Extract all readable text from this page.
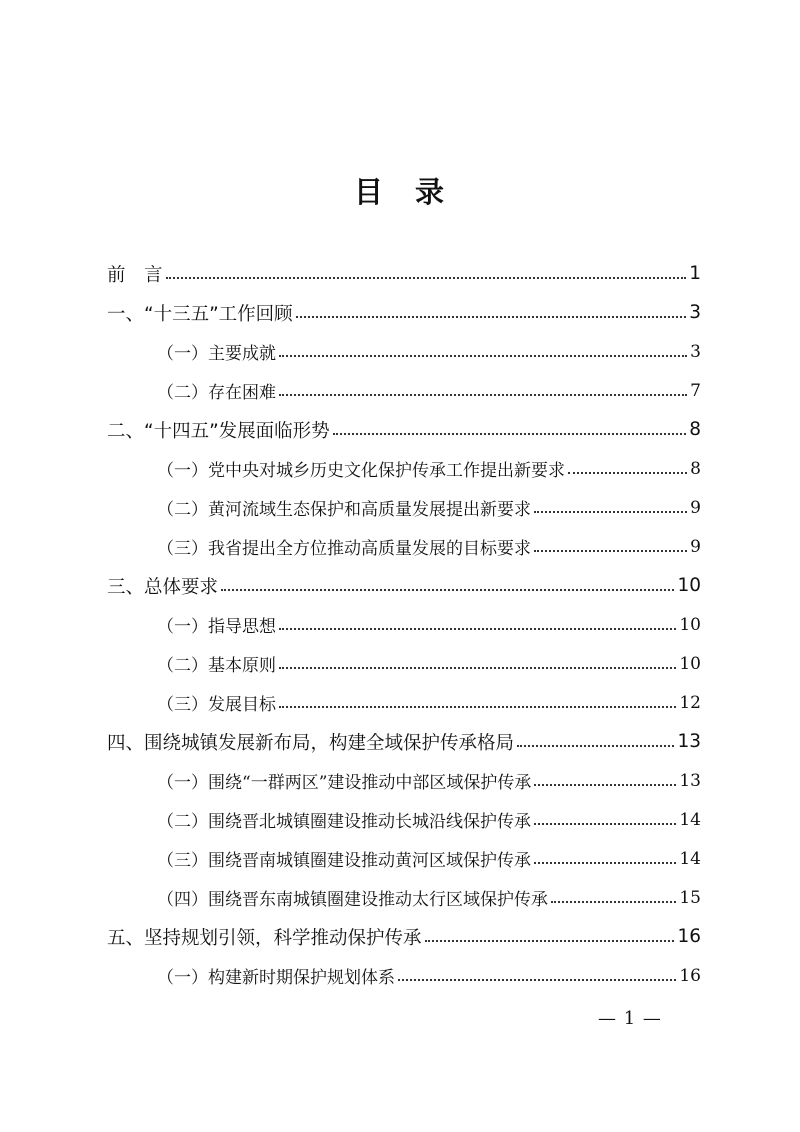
目 录
前　言	1
一、“十三五”工作回顾	3
（一）主要成就	3
（二）存在困难	7
二、“十四五”发展面临形势	8
（一）党中央对城乡历史文化保护传承工作提出新要求	8
（二）黄河流域生态保护和高质量发展提出新要求	9
（三）我省提出全方位推动高质量发展的目标要求	9
三、总体要求	10
（一）指导思想	10
（二）基本原则	10
（三）发展目标	12
四、围绕城镇发展新布局，构建全域保护传承格局	13
（一）围绕“一群两区”建设推动中部区域保护传承	13
（二）围绕晋北城镇圈建设推动长城沿线保护传承	14
（三）围绕晋南城镇圈建设推动黄河区域保护传承	14
（四）围绕晋东南城镇圈建设推动太行区域保护传承	15
五、坚持规划引领，科学推动保护传承	16
（一）构建新时期保护规划体系	16
— 1 —
